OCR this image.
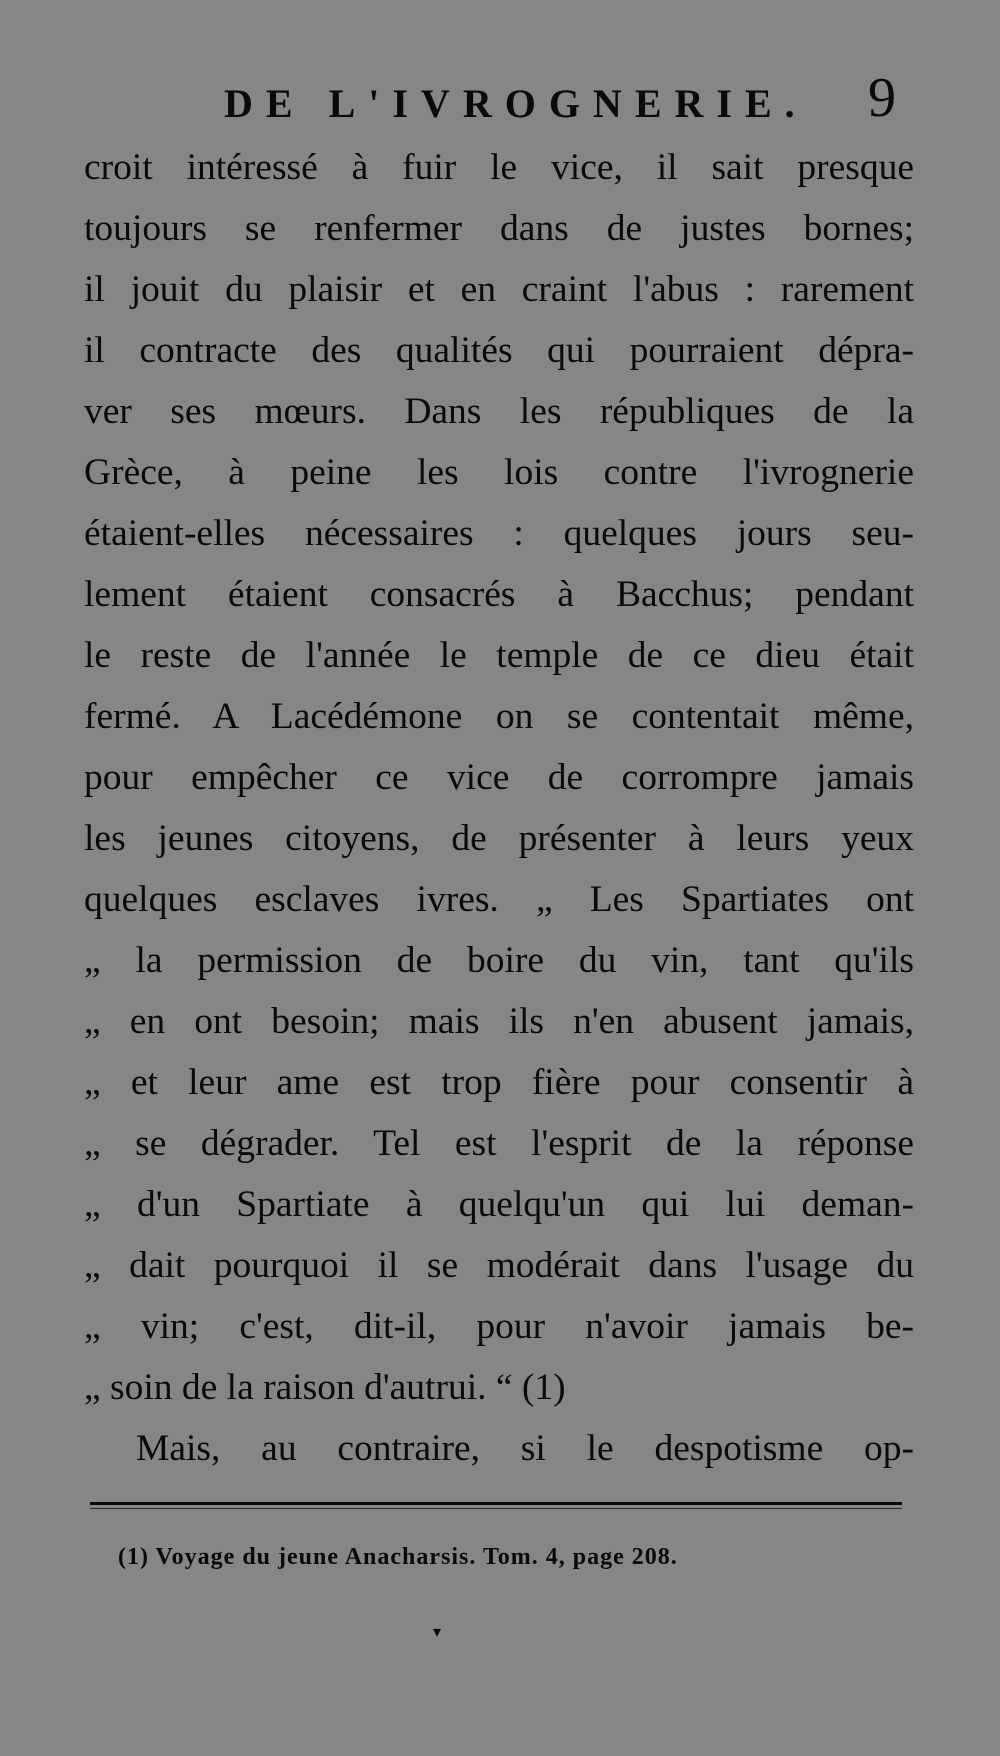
DE L'IVROGNERIE. 9
croit intéressé à fuir le vice, il sait presque
toujours se renfermer dans de justes bornes;
il jouit du plaisir et en craint l'abus : rarement
il contracte des qualités qui pourraient dépra-
ver ses mœurs. Dans les républiques de la
Grèce, à peine les lois contre l'ivrognerie
étaient-elles nécessaires : quelques jours seu-
lement étaient consacrés à Bacchus; pendant
le reste de l'année le temple de ce dieu était
fermé. A Lacédémone on se contentait même,
pour empêcher ce vice de corrompre jamais
les jeunes citoyens, de présenter à leurs yeux
quelques esclaves ivres. „ Les Spartiates ont
„ la permission de boire du vin, tant qu'ils
„ en ont besoin; mais ils n'en abusent jamais,
„ et leur ame est trop fière pour consentir à
„ se dégrader. Tel est l'esprit de la réponse
„ d'un Spartiate à quelqu'un qui lui deman-
„ dait pourquoi il se modérait dans l'usage du
„ vin; c'est, dit-il, pour n'avoir jamais be-
„ soin de la raison d'autrui. “ (1)
Mais, au contraire, si le despotisme op-
(1) Voyage du jeune Anacharsis. Tom. 4, page 208.
▾
